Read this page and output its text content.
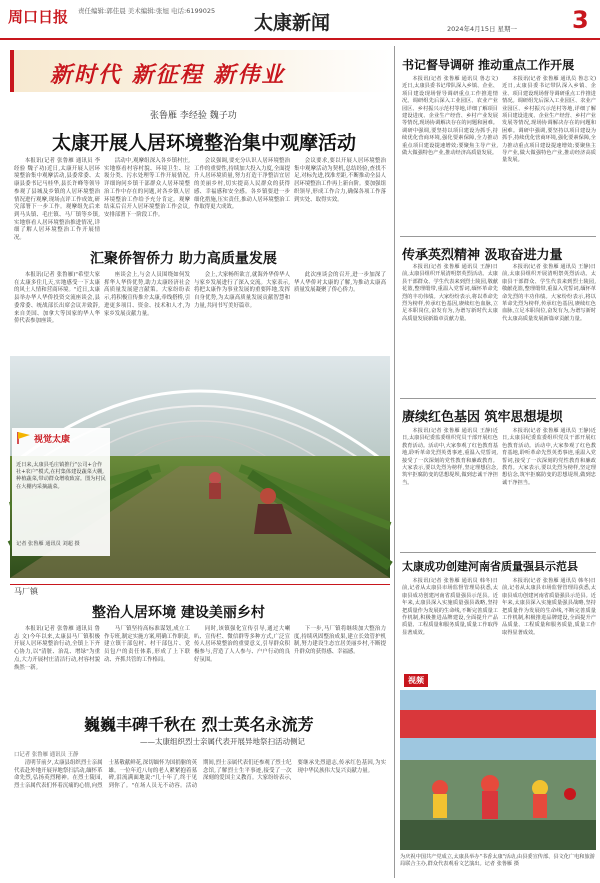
周口日报 责任编辑:郭佳晨 美术编辑:张旭 电话:6199025
太康新闻	2024年4月15日 星期一 3
新时代 新征程 新伟业
张鲁雁 李经验 魏子功
太康开展人居环境整治集中观摩活动

本报讯(记者 张鲁雁 通讯员 李经验 魏子功)近日,太康开展人居环境整治集中观摩活动,县委常委、太康县委书记马桂华,县长许峰等领导参观了县城及乡镇的人居环境整治情况进行观摩,现场点评工作成效,研究部署下一步工作。观摩组先后来到马头镇、毛庄镇、马厂镇等乡镇,实地察看人居环境整治推进情况,详细了解人居环境整治工作开展情况。

活动中,观摩组深入各乡镇村庄,实地察看村容村貌、环境卫生、垃圾分类、污水处理等工作开展情况,详细询问乡镇干部群众人居环境整治工作中存在的问题,对各乡镇人居环境整治工作给予充分肯定。观摩结束后召开人居环境整治工作会议,安排部署下一阶段工作。

会议强调,要充分认识人居环境整治工作的重要性,持续加大投入力度,全面提升人居环境质量,努力打造干净整洁宜居的美丽乡村,切实提高人民群众的获得感、幸福感和安全感。各乡镇要进一步细化措施,压实责任,推动人居环境整治工作取得更大成效。

会议要求,要以开展人居环境整治集中观摩活动为契机,总结经验,查找不足,对标先进,找准差距,不断推动全县人居环境整治工作再上新台阶。要加强组织领导,形成工作合力,确保各项工作落到实处、取得实效。

汇聚侨智侨力 助力高质量发展

本报讯(记者 张鲁雁)"希望大家在太康多住几天,实地感受一下太康的风土人情和营商环境。"近日,太康县举办华人华侨投资交流座谈会,县委常委、统战部长出席会议并致辞,来自美国、加拿大等国家的华人华侨代表参加座谈。

座谈会上,与会人员围绕如何发挥华人华侨优势,助力太康经济社会高质量发展建言献策。大家纷纷表示,将积极宣传推介太康,牵线搭桥,引进更多项目、资金、技术和人才,为家乡发展贡献力量。

会上,大家畅所欲言,就海外华侨华人与家乡发展进行了深入交流。大家表示,将把太康作为事业发展的重要阵地,发挥自身优势,为太康高质量发展贡献智慧和力量,共同书写美好篇章。

此次座谈会的召开,进一步加深了华人华侨对太康的了解,为推动太康高质量发展凝聚了侨心侨力。

视觉太康
近日来,太康县毛庄镇推行"公司+合作社+农户"模式,在村集体建设蔬菜大棚,种植蔬菜,带动群众增收致富。图为村民在大棚内采摘蔬菜。
记者 张鲁雁 通讯员 刘超 摄
马厂镇
整治人居环境 建设美丽乡村

本报讯(记者 张鲁雁 通讯员 鲁志 文)今年以来,太康县马厂镇积极开展人居环境整治行动,全镇上下齐心协力,以"清脏、治乱、增绿"为重点,大力开展村庄清洁行动,村容村貌焕然一新。

马厂镇坚持高标准谋划,成立工作专班,制定实施方案,明确工作职责,建立镇干部包村、村干部包片、党员包户的责任体系,形成了上下联动、齐抓共管的工作格局。

同时,该镇强化宣传引导,通过大喇叭、宣传栏、微信群等多种方式,广泛宣传人居环境整治的重要意义,引导群众积极参与,营造了人人参与、户户行动的良好氛围。

下一步,马厂镇将继续加大整治力度,持续巩固整治成果,建立长效管护机制,努力建设生态宜居美丽乡村,不断提升群众的获得感、幸福感。

巍巍丰碑千秋在 烈士英名永流芳
——太康组织烈士亲属代表开展异地祭扫活动侧记
口记者 张鲁雁 通讯员 王静

清明节前夕,太康县组织烈士亲属代表赴外地开展异地祭扫活动,缅怀革命先烈,弘扬英烈精神。在烈士陵园,烈士亲属代表们怀着沉痛的心情,向烈士墓敬献鲜花,深切缅怀为国捐躯的英雄。一位年近八旬的老人紧紧抱着墓碑,泪流满面地说:"几十年了,终于见到你了。"在场人员无不动容。活动期间,烈士亲属代表们还参观了烈士纪念馆,了解烈士生平事迹,接受了一次深刻的爱国主义教育。大家纷纷表示,要继承先烈遗志,传承红色基因,为实现中华民族伟大复兴贡献力量。

书记督导调研 推动重点工作开展

本报讯(记者 张鲁雁 通讯员 鲁志文)近日,太康县委书记带队深入乡镇、企业、项目建设现场督导调研重点工作推进情况。调研组先后深入工业园区、农业产业园区、乡村振兴示范村等地,详细了解项目建设进度、企业生产经营、乡村产业发展等情况,现场协调解决存在的问题和困难。调研中强调,要坚持以项目建设为抓手,持续优化营商环境,强化要素保障,全力推动重点项目建设提速增效;要聚焦主导产业,做大做强特色产业,推动经济高质量发展。

本报讯(记者 张鲁雁 通讯员 鲁志文)近日,太康县委书记带队深入乡镇、企业、项目建设现场督导调研重点工作推进情况。调研组先后深入工业园区、农业产业园区、乡村振兴示范村等地,详细了解项目建设进度、企业生产经营、乡村产业发展等情况,现场协调解决存在的问题和困难。调研中强调,要坚持以项目建设为抓手,持续优化营商环境,强化要素保障,全力推动重点项目建设提速增效;要聚焦主导产业,做大做强特色产业,推动经济高质量发展。

传承英烈精神 汲取奋进力量

本报讯(记者 张鲁雁 通讯员 王静)日前,太康县组织开展清明祭英烈活动。太康县干部群众、学生代表来到烈士陵园,敬献花篮,整理缎带,重温入党誓词,缅怀革命先烈的丰功伟绩。大家纷纷表示,将以革命先烈为榜样,传承红色基因,赓续红色血脉,立足本职岗位,奋发有为,为谱写新时代太康高质量发展新篇章贡献力量。

本报讯(记者 张鲁雁 通讯员 王静)日前,太康县组织开展清明祭英烈活动。太康县干部群众、学生代表来到烈士陵园,敬献花篮,整理缎带,重温入党誓词,缅怀革命先烈的丰功伟绩。大家纷纷表示,将以革命先烈为榜样,传承红色基因,赓续红色血脉,立足本职岗位,奋发有为,为谱写新时代太康高质量发展新篇章贡献力量。

赓续红色基因 筑牢思想堤坝

本报讯(记者 张鲁雁 通讯员 王静)近日,太康县纪委监委组织党员干部开展红色教育活动。活动中,大家参观了红色教育基地,聆听革命先烈英勇事迹,重温入党誓词,接受了一次深刻的党性教育和廉政教育。大家表示,要以先烈为榜样,坚定理想信念,筑牢拒腐防变的思想堤坝,做到忠诚干净担当。

本报讯(记者 张鲁雁 通讯员 王静)近日,太康县纪委监委组织党员干部开展红色教育活动。活动中,大家参观了红色教育基地,聆听革命先烈英勇事迹,重温入党誓词,接受了一次深刻的党性教育和廉政教育。大家表示,要以先烈为榜样,坚定理想信念,筑牢拒腐防变的思想堤坝,做到忠诚干净担当。

太康成功创建河南省质量强县示范县

本报讯(记者 张鲁雁 通讯员 韩冬)日前,记者从太康县市场监督管理局获悉,太康县成功创建河南省质量强县示范县。近年来,太康县深入实施质量强县战略,坚持把质量作为发展的生命线,不断完善质量工作机制,积极推进品牌建设,全面提升产品质量、工程质量和服务质量,质量工作取得显著成效。

本报讯(记者 张鲁雁 通讯员 韩冬)日前,记者从太康县市场监督管理局获悉,太康县成功创建河南省质量强县示范县。近年来,太康县深入实施质量强县战略,坚持把质量作为发展的生命线,不断完善质量工作机制,积极推进品牌建设,全面提升产品质量、工程质量和服务质量,质量工作取得显著成效。

视频
为庆祝中国共产党成立,太康县举办"书香太康"活动,由县委宣传部、县文化广电和旅游局联合主办,群众代表观看文艺演出。记者 张鲁雁 摄
